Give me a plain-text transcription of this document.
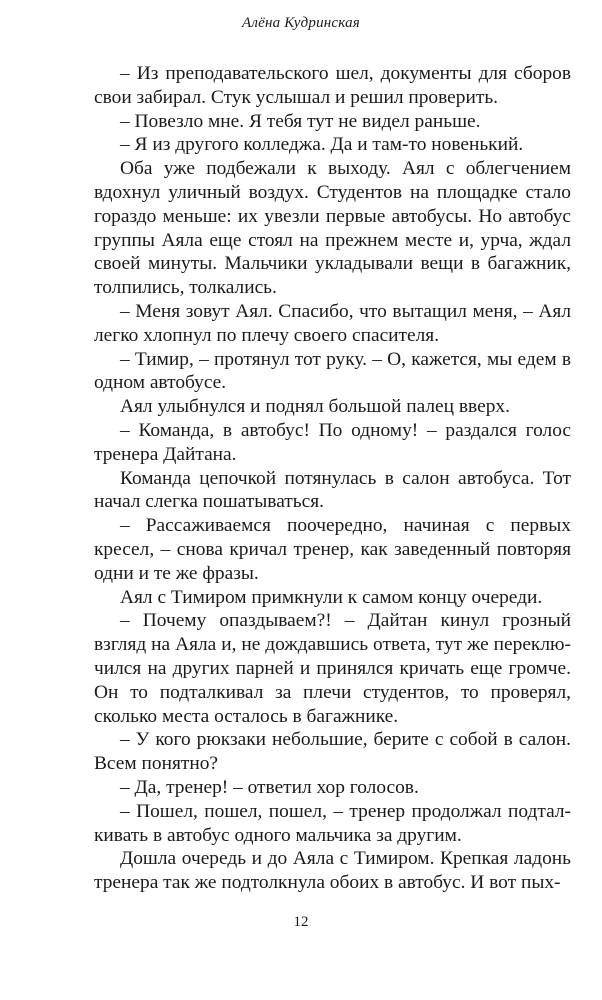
Алёна Кудринская

– Из преподавательского шел, документы для сборов свои забирал. Стук услышал и решил проверить.

– Повезло мне. Я тебя тут не видел раньше.

– Я из другого колледжа. Да и там-то новенький.

Оба уже подбежали к выходу. Аял с облегчением вдохнул уличный воздух. Студентов на площадке стало горaздо меньше: их увезли первые автобусы. Но автобус группы Аяла еще стоял на прежнем месте и, урча, ждал своей минуты. Мальчики укладывали вещи в багажник, толпились, толкались.

– Меня зовут Аял. Спасибо, что вытащил меня, – Аял легко хлопнул по плечу своего спасителя.

– Тимир, – протянул тот руку. – О, кажется, мы едем в одном автобусе.

Аял улыбнулся и поднял большой палец вверх.

– Команда, в автобус! По одному! – раздался голос тренера Дайтана.

Команда цепочкой потянулась в салон автобуса. Тот начал слегка пошатываться.

– Рассаживаемся поочередно, начиная с первых кресел, – снова кричал тренер, как заведенный повторяя одни и те же фразы.

Аял с Тимиром примкнули к самом концу очереди.

– Почему опаздываем?! – Дайтан кинул грозный взгляд на Аяла и, не дождавшись ответа, тут же переключился на других парней и принялся кричать еще громче. Он то подталкивал за плечи студентов, то проверял, сколько места осталось в багажнике.

– У кого рюкзаки небольшие, берите с собой в салон. Всем понятно?

– Да, тренер! – ответил хор голосов.

– Пошел, пошел, пошел, – тренер продолжал подталкивать в автобус одного мальчика за другим.

Дошла очередь и до Аяла с Тимиром. Крепкая ладонь тренера так же подтолкнула обоих в автобус. И вот пых-

12
